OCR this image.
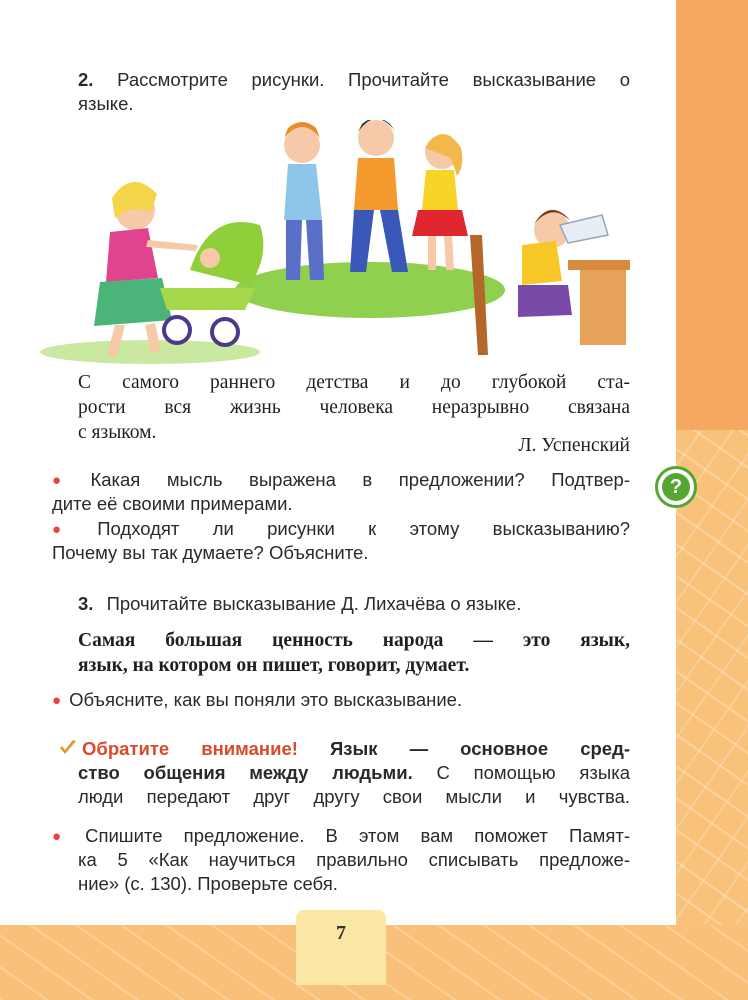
2. Рассмотрите рисунки. Прочитайте высказывание о
языке.
С самого раннего детства и до глубокой ста-
рости вся жизнь человека неразрывно связана
с языком.
Л. Успенский
● Какая мысль выражена в предложении? Подтвер-
дите её своими примерами.
● Подходят ли рисунки к этому высказыванию?
Почему вы так думаете? Объясните.
3. Прочитайте высказывание Д. Лихачёва о языке.
Самая большая ценность народа — это язык,
язык, на котором он пишет, говорит, думает.
● Объясните, как вы поняли это высказывание.
Обратите внимание! Язык — основное сред-
ство общения между людьми. С помощью языка
люди передают друг другу свои мысли и чувства.
● Спишите предложение. В этом вам поможет Памят-
ка 5 «Как научиться правильно списывать предложе-
ние» (с. 130). Проверьте себя.
?
7
